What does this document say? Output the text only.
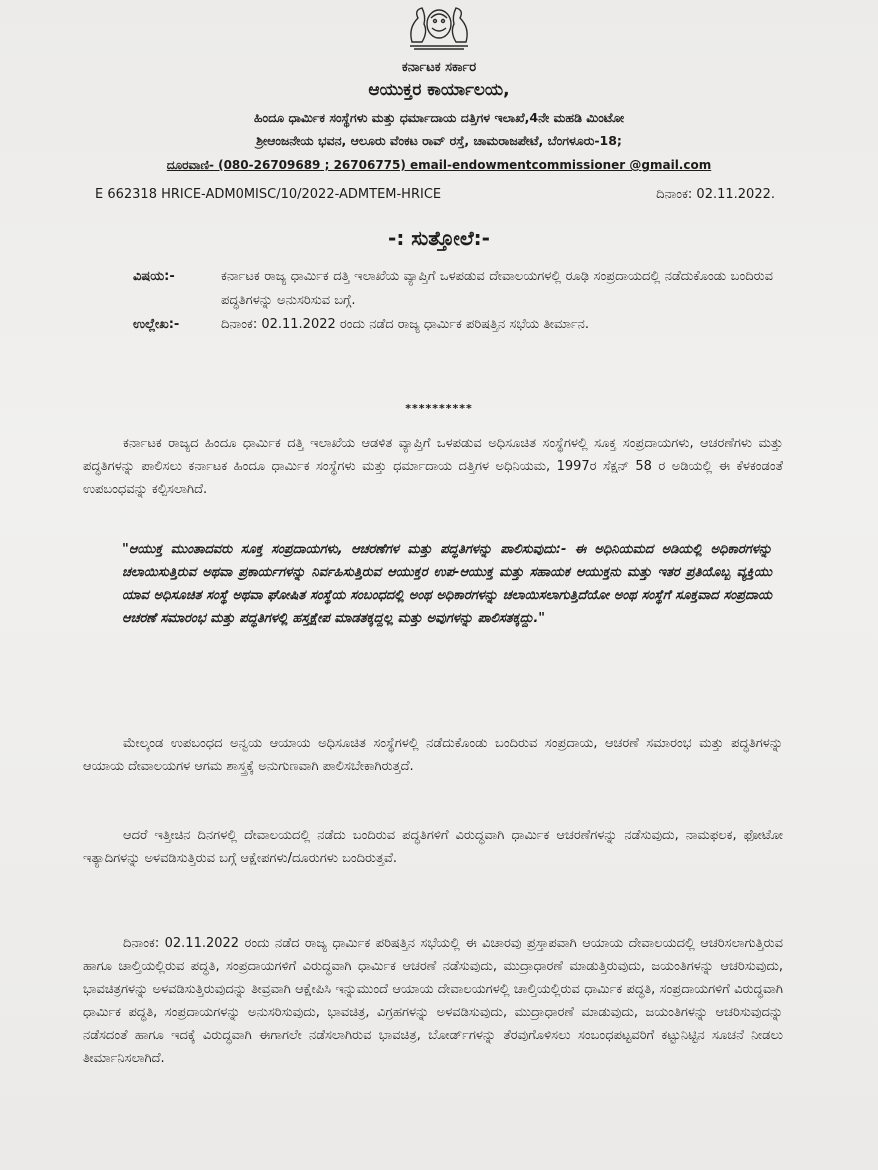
ಕರ್ನಾಟಕ ಸರ್ಕಾರ
ಆಯುಕ್ತರ ಕಾರ್ಯಾಲಯ,
ಹಿಂದೂ ಧಾರ್ಮಿಕ ಸಂಸ್ಥೆಗಳು ಮತ್ತು ಧರ್ಮಾದಾಯ ದತ್ತಿಗಳ ಇಲಾಖೆ,4ನೇ ಮಹಡಿ ಮಿಂಟೋ
ಶ್ರೀಆಂಜನೇಯ ಭವನ, ಆಲೂರು ವೆಂಕಟ ರಾವ್ ರಸ್ತೆ, ಚಾಮರಾಜಪೇಟೆ, ಬೆಂಗಳೂರು-18;
ದೂರವಾಣಿ- (080-26709689 ; 26706775) email-endowmentcommissioner @gmail.com
E 662318 HRICE-ADM0MISC/10/2022-ADMTEM-HRICE	ದಿನಾಂಕ: 02.11.2022.
-: ಸುತ್ತೋಲೆ:-
ವಿಷಯ:-	ಕರ್ನಾಟಕ ರಾಜ್ಯ ಧಾರ್ಮಿಕ ದತ್ತಿ ಇಲಾಖೆಯ ವ್ಯಾಪ್ತಿಗೆ ಒಳಪಡುವ ದೇವಾಲಯಗಳಲ್ಲಿ ರೂಢಿ ಸಂಪ್ರದಾಯದಲ್ಲಿ ನಡೆದುಕೊಂಡು ಬಂದಿರುವ ಪದ್ಧತಿಗಳನ್ನು ಅನುಸರಿಸುವ ಬಗ್ಗೆ.
ಉಲ್ಲೇಖ:-	ದಿನಾಂಕ: 02.11.2022 ರಂದು ನಡೆದ ರಾಜ್ಯ ಧಾರ್ಮಿಕ ಪರಿಷತ್ತಿನ ಸಭೆಯ ತೀರ್ಮಾನ.
**********

ಕರ್ನಾಟಕ ರಾಜ್ಯದ ಹಿಂದೂ ಧಾರ್ಮಿಕ ದತ್ತಿ ಇಲಾಖೆಯ ಆಡಳಿತ ವ್ಯಾಪ್ತಿಗೆ ಒಳಪಡುವ ಅಧಿಸೂಚಿತ ಸಂಸ್ಥೆಗಳಲ್ಲಿ ಸೂಕ್ತ ಸಂಪ್ರದಾಯಗಳು, ಆಚರಣೆಗಳು ಮತ್ತು ಪದ್ಧತಿಗಳನ್ನು ಪಾಲಿಸಲು ಕರ್ನಾಟಕ ಹಿಂದೂ ಧಾರ್ಮಿಕ ಸಂಸ್ಥೆಗಳು ಮತ್ತು ಧರ್ಮಾದಾಯ ದತ್ತಿಗಳ ಅಧಿನಿಯಮ, 1997ರ ಸೆಕ್ಷನ್ 58 ರ ಅಡಿಯಲ್ಲಿ ಈ ಕೆಳಕಂಡಂತೆ ಉಪಬಂಧವನ್ನು ಕಲ್ಪಿಸಲಾಗಿದೆ.

"ಆಯುಕ್ತ ಮುಂತಾದವರು ಸೂಕ್ತ ಸಂಪ್ರದಾಯಗಳು, ಆಚರಣೆಗಳ ಮತ್ತು ಪದ್ಧತಿಗಳನ್ನು ಪಾಲಿಸುವುದು:- ಈ ಅಧಿನಿಯಮದ ಅಡಿಯಲ್ಲಿ ಅಧಿಕಾರಗಳನ್ನು ಚಲಾಯಿಸುತ್ತಿರುವ ಅಥವಾ ಪ್ರಕಾರ್ಯಗಳನ್ನು ನಿರ್ವಹಿಸುತ್ತಿರುವ ಆಯುಕ್ತರ ಉಪ-ಆಯುಕ್ತ ಮತ್ತು ಸಹಾಯಕ ಆಯುಕ್ತನು ಮತ್ತು ಇತರ ಪ್ರತಿಯೊಬ್ಬ ವ್ಯಕ್ತಿಯು ಯಾವ ಅಧಿಸೂಚಿತ ಸಂಸ್ಥೆ ಅಥವಾ ಘೋಷಿತ ಸಂಸ್ಥೆಯ ಸಂಬಂಧದಲ್ಲಿ ಅಂಥ ಅಧಿಕಾರಗಳನ್ನು ಚಲಾಯಿಸಲಾಗುತ್ತಿದೆಯೋ ಅಂಥ ಸಂಸ್ಥೆಗೆ ಸೂಕ್ತವಾದ ಸಂಪ್ರದಾಯ ಆಚರಣೆ ಸಮಾರಂಭ ಮತ್ತು ಪದ್ಧತಿಗಳಲ್ಲಿ ಹಸ್ತಕ್ಷೇಪ ಮಾಡತಕ್ಕದ್ದಲ್ಲ ಮತ್ತು ಅವುಗಳನ್ನು ಪಾಲಿಸತಕ್ಕದ್ದು."

ಮೇಲ್ಕಂಡ ಉಪಬಂಧದ ಅನ್ವಯ ಆಯಾಯ ಅಧಿಸೂಚಿತ ಸಂಸ್ಥೆಗಳಲ್ಲಿ ನಡೆದುಕೊಂಡು ಬಂದಿರುವ ಸಂಪ್ರದಾಯ, ಆಚರಣೆ ಸಮಾರಂಭ ಮತ್ತು ಪದ್ಧತಿಗಳನ್ನು ಆಯಾಯ ದೇವಾಲಯಗಳ ಆಗಮ ಶಾಸ್ತ್ರಕ್ಕೆ ಅನುಗುಣವಾಗಿ ಪಾಲಿಸಬೇಕಾಗಿರುತ್ತದೆ.

ಆದರೆ ಇತ್ತೀಚಿನ ದಿನಗಳಲ್ಲಿ ದೇವಾಲಯದಲ್ಲಿ ನಡೆದು ಬಂದಿರುವ ಪದ್ಧತಿಗಳಿಗೆ ವಿರುದ್ಧವಾಗಿ ಧಾರ್ಮಿಕ ಆಚರಣೆಗಳನ್ನು ನಡೆಸುವುದು, ನಾಮಫಲಕ, ಫೋಟೋ ಇತ್ಯಾದಿಗಳನ್ನು ಅಳವಡಿಸುತ್ತಿರುವ ಬಗ್ಗೆ ಆಕ್ಷೇಪಗಳು/ದೂರುಗಳು ಬಂದಿರುತ್ತವೆ.

ದಿನಾಂಕ: 02.11.2022 ರಂದು ನಡೆದ ರಾಜ್ಯ ಧಾರ್ಮಿಕ ಪರಿಷತ್ತಿನ ಸಭೆಯಲ್ಲಿ ಈ ವಿಚಾರವು ಪ್ರಸ್ತಾಪವಾಗಿ ಆಯಾಯ ದೇವಾಲಯದಲ್ಲಿ ಆಚರಿಸಲಾಗುತ್ತಿರುವ ಹಾಗೂ ಚಾಲ್ತಿಯಲ್ಲಿರುವ ಪದ್ಧತಿ, ಸಂಪ್ರದಾಯಗಳಿಗೆ ವಿರುದ್ಧವಾಗಿ ಧಾರ್ಮಿಕ ಆಚರಣೆ ನಡೆಸುವುದು, ಮುದ್ರಾಧಾರಣೆ ಮಾಡುತ್ತಿರುವುದು, ಜಯಂತಿಗಳನ್ನು ಆಚರಿಸುವುದು, ಭಾವಚಿತ್ರಗಳನ್ನು ಅಳವಡಿಸುತ್ತಿರುವುದನ್ನು ತೀವ್ರವಾಗಿ ಆಕ್ಷೇಪಿಸಿ ಇನ್ನುಮುಂದೆ ಆಯಾಯ ದೇವಾಲಯಗಳಲ್ಲಿ ಚಾಲ್ತಿಯಲ್ಲಿರುವ ಧಾರ್ಮಿಕ ಪದ್ಧತಿ, ಸಂಪ್ರದಾಯಗಳಿಗೆ ವಿರುದ್ಧವಾಗಿ ಧಾರ್ಮಿಕ ಪದ್ಧತಿ, ಸಂಪ್ರದಾಯಗಳನ್ನು ಅನುಸರಿಸುವುದು, ಭಾವಚಿತ್ರ, ವಿಗ್ರಹಗಳನ್ನು ಅಳವಡಿಸುವುದು, ಮುದ್ರಾಧಾರಣೆ ಮಾಡುವುದು, ಜಯಂತಿಗಳನ್ನು ಆಚರಿಸುವುದನ್ನು ನಡೆಸದಂತೆ ಹಾಗೂ ಇದಕ್ಕೆ ವಿರುದ್ಧವಾಗಿ ಈಗಾಗಲೇ ನಡೆಸಲಾಗಿರುವ ಭಾವಚಿತ್ರ, ಬೋರ್ಡ್‌ಗಳನ್ನು ತೆರವುಗೊಳಿಸಲು ಸಂಬಂಧಪಟ್ಟವರಿಗೆ ಕಟ್ಟುನಿಟ್ಟಿನ ಸೂಚನೆ ನೀಡಲು ತೀರ್ಮಾನಿಸಲಾಗಿದೆ.
